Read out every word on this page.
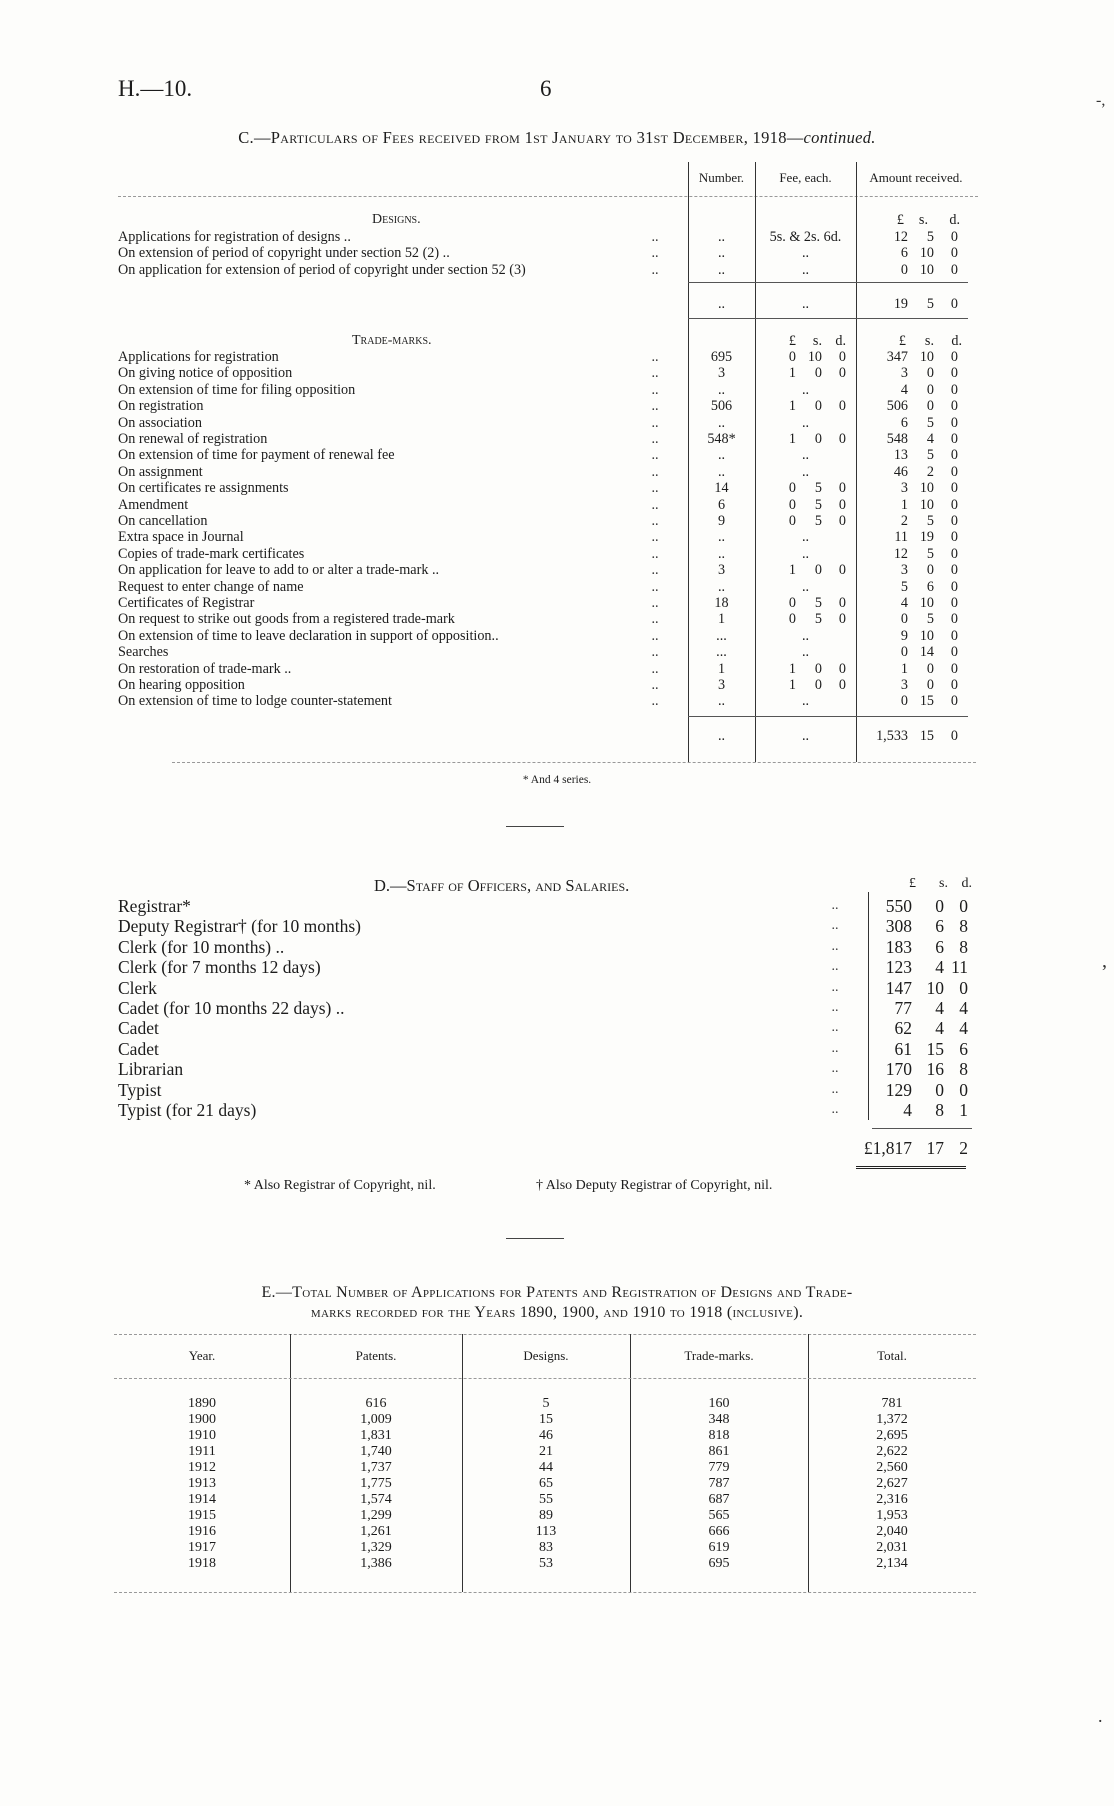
H.—10.	6
C.—Particulars of Fees received from 1st January to 31st December, 1918—continued.
Number.	Fee, each.	Amount received.
Designs.	£	s.	d.
Applications for registration of designs ..	..	..	5s. & 2s. 6d.	12	5	0
On extension of period of copyright under section 52 (2) ..	..	..	..	6 10	0
On application for extension of period of copyright under section 52 (3)	..	..	..	0 10	0
..	..	19	5	0
Trade-marks.	£	s. d.	£	s.	d.
Applications for registration	..	695	0 10	0	347 10	0
On giving notice of opposition	..	3	1	0	0	3	0	0
On extension of time for filing opposition	..	..	..	4	0	0
On registration	..	506	1	0	0	506	0	0
On association	..	..	..	6	5	0
On renewal of registration	..	548*	1	0	0	548	4	0
On extension of time for payment of renewal fee	..	..	..	13	5	0
On assignment	..	..	..	46	2	0
On certificates re assignments	..	14	0	5	0	3 10	0
Amendment	..	6	0	5	0	1 10	0
On cancellation	..	9	0	5	0	2	5	0
Extra space in Journal	..	..	..	11 19	0
Copies of trade-mark certificates	..	..	..	12	5	0
On application for leave to add to or alter a trade-mark ..	..	3	1	0	0	3	0	0
Request to enter change of name	..	..	..	5	6	0
Certificates of Registrar	..	18	0	5	0	4 10	0
On request to strike out goods from a registered trade-mark	..	1	0	5	0	0	5	0
On extension of time to leave declaration in support of opposition..	..	...	..	9 10	0
Searches	..	...	..	0 14	0
On restoration of trade-mark ..	..	1	1	0	0	1	0	0
On hearing opposition	..	3	1	0	0	3	0	0
On extension of time to lodge counter-statement	..	..	..	0 15	0
..	..	1,533 15	0
* And 4 series.
D.—Staff of Officers, and Salaries.	£	s. d.
Registrar*	..	550	0 0
Deputy Registrar† (for 10 months)	..	308	6 8
Clerk (for 10 months) ..	..	183	6 8
Clerk (for 7 months 12 days)	..	123	4 11
Clerk	..	147 10 0
Cadet (for 10 months 22 days) ..	..	77	4 4
Cadet	..	62	4 4
Cadet	..	61 15 6
Librarian	..	170 16 8
Typist	..	129	0 0
Typist (for 21 days)	..	4	8 1
£1,817 17 2
* Also Registrar of Copyright, nil.	† Also Deputy Registrar of Copyright, nil.
E.—Total Number of Applications for Patents and Registration of Designs and Trade-
marks recorded for the Years 1890, 1900, and 1910 to 1918 (inclusive).
Year.	Patents.	Designs.	Trade-marks.	Total.
1890	616	5	160	781
1900	1,009	15	348	1,372
1910	1,831	46	818	2,695
1911	1,740	21	861	2,622
1912	1,737	44	779	2,560
1913	1,775	65	787	2,627
1914	1,574	55	687	2,316
1915	1,299	89	565	1,953
1916	1,261	113	666	2,040
1917	1,329	83	619	2,031
1918	1,386	53	695	2,134
-,
,
.
